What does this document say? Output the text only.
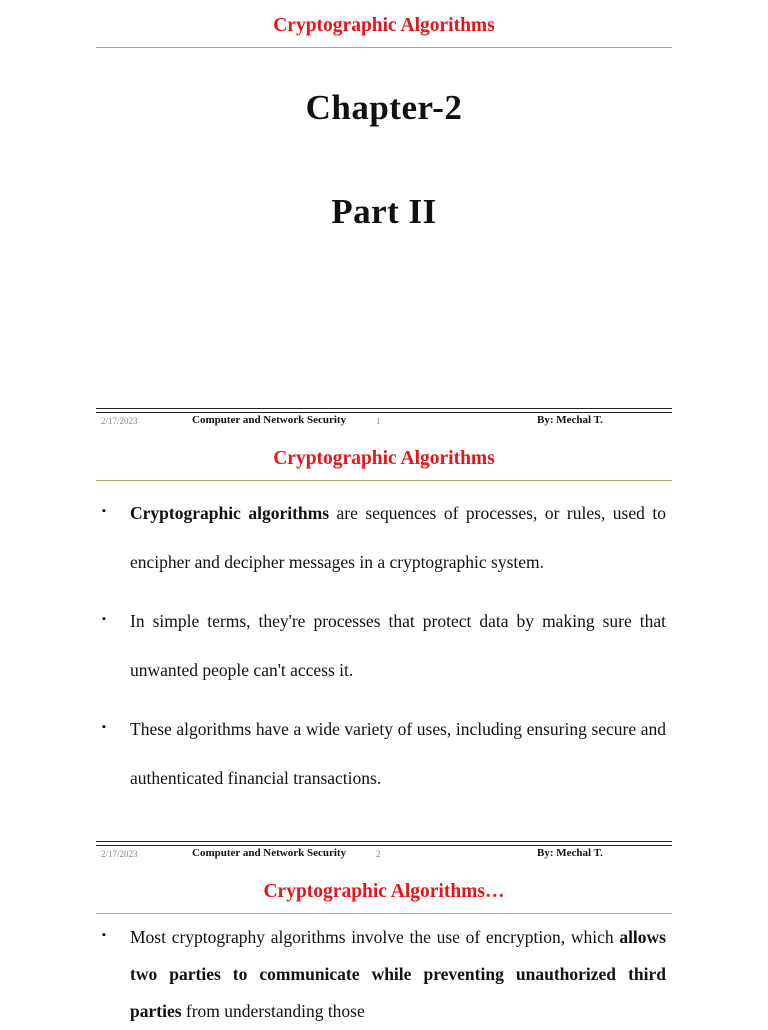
Cryptographic Algorithms
Chapter-2
Part II
2/17/2023	Computer and Network Security	1	By: Mechal T.
Cryptographic Algorithms
▪ Cryptographic algorithms are sequences of processes, or rules, used to encipher and decipher messages in a cryptographic system.
▪ In simple terms, they're processes that protect data by making sure that unwanted people can't access it.
▪ These algorithms have a wide variety of uses, including ensuring secure and authenticated financial transactions.
2/17/2023	Computer and Network Security	2	By: Mechal T.
Cryptographic Algorithms…
▪ Most cryptography algorithms involve the use of encryption, which allows two parties to communicate while preventing unauthorized third parties from understanding those
